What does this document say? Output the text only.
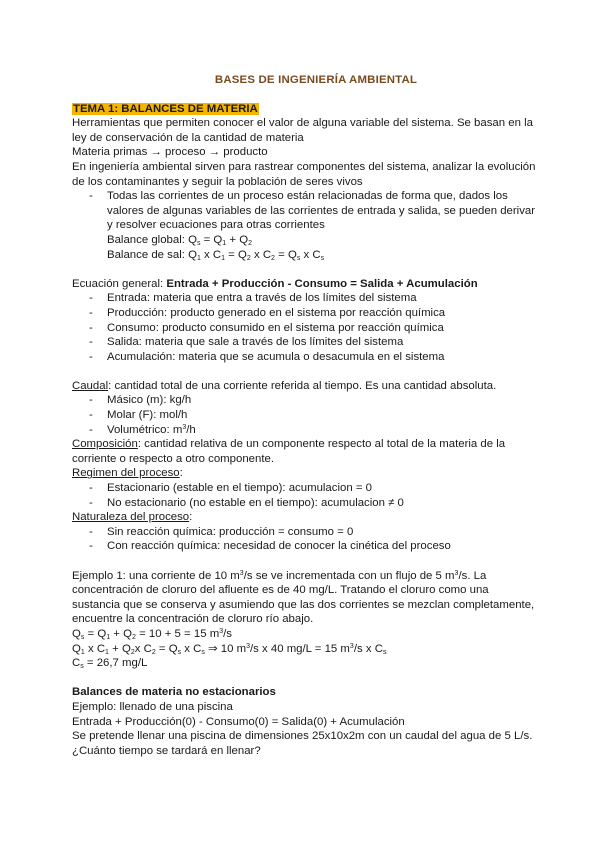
BASES DE INGENIERÍA AMBIENTAL
TEMA 1: BALANCES DE MATERIA

Herramientas que permiten conocer el valor de alguna variable del sistema. Se basan en la

ley de conservación de la cantidad de materia

Materia primas → proceso → producto

En ingeniería ambiental sirven para rastrear componentes del sistema, analizar la evolución

de los contaminantes y seguir la población de seres vivos

- Todas las corrientes de un proceso están relacionadas de forma que, dados los
valores de algunas variables de las corrientes de entrada y salida, se pueden derivar
y resolver ecuaciones para otras corrientes
Balance global: $Q_s = Q_1 + Q_2$
Balance de sal: $Q_1$ x $C_1 = Q_2$ x $C_2 = Q_s$ x $C_s$

Ecuación general: Entrada + Producción - Consumo = Salida + Acumulación

- Entrada: materia que entra a través de los límites del sistema
- Producción: producto generado en el sistema por reacción química
- Consumo: producto consumido en el sistema por reacción química
- Salida: materia que sale a través de los límites del sistema
- Acumulación: materia que se acumula o desacumula en el sistema

Caudal: cantidad total de una corriente referida al tiempo. Es una cantidad absoluta.

- Másico (m): kg/h
- Molar (F): mol/h
- Volumétrico: $m^3/h$

Composición: cantidad relativa de un componente respecto al total de la materia de la

corriente o respecto a otro componente.

Regimen del proceso:

- Estacionario (estable en el tiempo): acumulacion = 0
- No estacionario (no estable en el tiempo): acumulacion ≠ 0

Naturaleza del proceso:

- Sin reacción química: producción = consumo = 0
- Con reacción química: necesidad de conocer la cinética del proceso

Ejemplo 1: una corriente de 10 $m^3/s$ se ve incrementada con un flujo de 5 $m^3/s$. La

concentración de cloruro del afluente es de 40 mg/L. Tratando el cloruro como una

sustancia que se conserva y asumiendo que las dos corrientes se mezclan completamente,

encuentre la concentración de cloruro río abajo.

$Q_s = Q_1 + Q_2 = 10 + 5 = 15$ $m^3/s$

$Q_1$ x $C_1 + Q_2x$ $C_2 = Q_s$ x $C_s$ ⇒ 10 $m^3/s$ x 40 mg/L = 15 $m^3/s$ x $C_s$

$C_s = 26,7$ mg/L

Balances de materia no estacionarios

Ejemplo: llenado de una piscina

Entrada + Producción(0) - Consumo(0) = Salida(0) + Acumulación

Se pretende llenar una piscina de dimensiones 25x10x2m con un caudal del agua de 5 L/s.

¿Cuánto tiempo se tardará en llenar?
